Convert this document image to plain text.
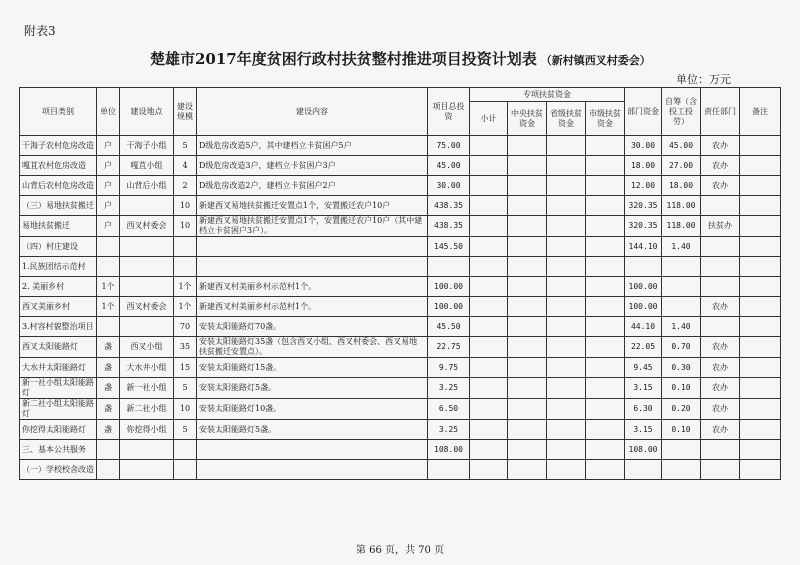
附表3
楚雄市2017年度贫困行政村扶贫整村推进项目投资计划表 （新村镇西叉村委会）
单位：万元
项目类别	单位	建设地点	建设规模	建设内容	项目总投资	专项扶贫资金				部门资金	自筹（含投工投劳）	责任部门	备注
						小计	中央扶贫资金	省级扶贫资金	市级扶贫资金				
干海子农村危房改造	户	干海子小组	5	D级危房改造5户，其中建档立卡贫困户5户	75.00					30.00	45.00	农办	
嘎苴农村危房改造	户	嘎苴小组	4	D级危房改造3户，建档立卡贫困户3户	45.00					18.00	27.00	农办	
山背后农村危房改造	户	山背后小组	2	D级危房改造2户，建档立卡贫困户2户	30.00					12.00	18.00	农办	
（三）易地扶贫搬迁	户		10	新建西叉易地扶贫搬迁安置点1个，安置搬迁农户10户	438.35					320.35	118.00		
易地扶贫搬迁	户	西叉村委会	10	新建西叉易地扶贫搬迁安置点1个，安置搬迁农户10户（其中建档立卡贫困户3户）。	438.35					320.35	118.00	扶贫办	
（四）村庄建设					145.50					144.10	1.40		
1.民族团结示范村													
2. 美丽乡村	1个		1个	新建西叉村美丽乡村示范村1个。	100.00					100.00			
西叉美丽乡村	1个	西叉村委会	1个	新建西叉村美丽乡村示范村1个。	100.00					100.00		农办	
3.村容村貌整治项目			70	安装太阳能路灯70盏。	45.50					44.10	1.40		
西叉太阳能路灯	盏	西叉小组	35	安装太阳能路灯35盏（包含西叉小组、西叉村委会、西叉易地扶贫搬迁安置点）。	22.75					22.05	0.70	农办	
大水井太阳能路灯	盏	大水井小组	15	安装太阳能路灯15盏。	9.75					9.45	0.30	农办	
新一社小组太阳能路灯	盏	新一社小组	5	安装太阳能路灯5盏。	3.25					3.15	0.10	农办	
新二社小组太阳能路灯	盏	新二社小组	10	安装太阳能路灯10盏。	6.50					6.30	0.20	农办	
你挖得太阳能路灯	盏	你挖得小组	5	安装太阳能路灯5盏。	3.25					3.15	0.10	农办	
三、基本公共服务					108.00					108.00			
（一）学校校舍改造													
第 66 页，共 70 页
